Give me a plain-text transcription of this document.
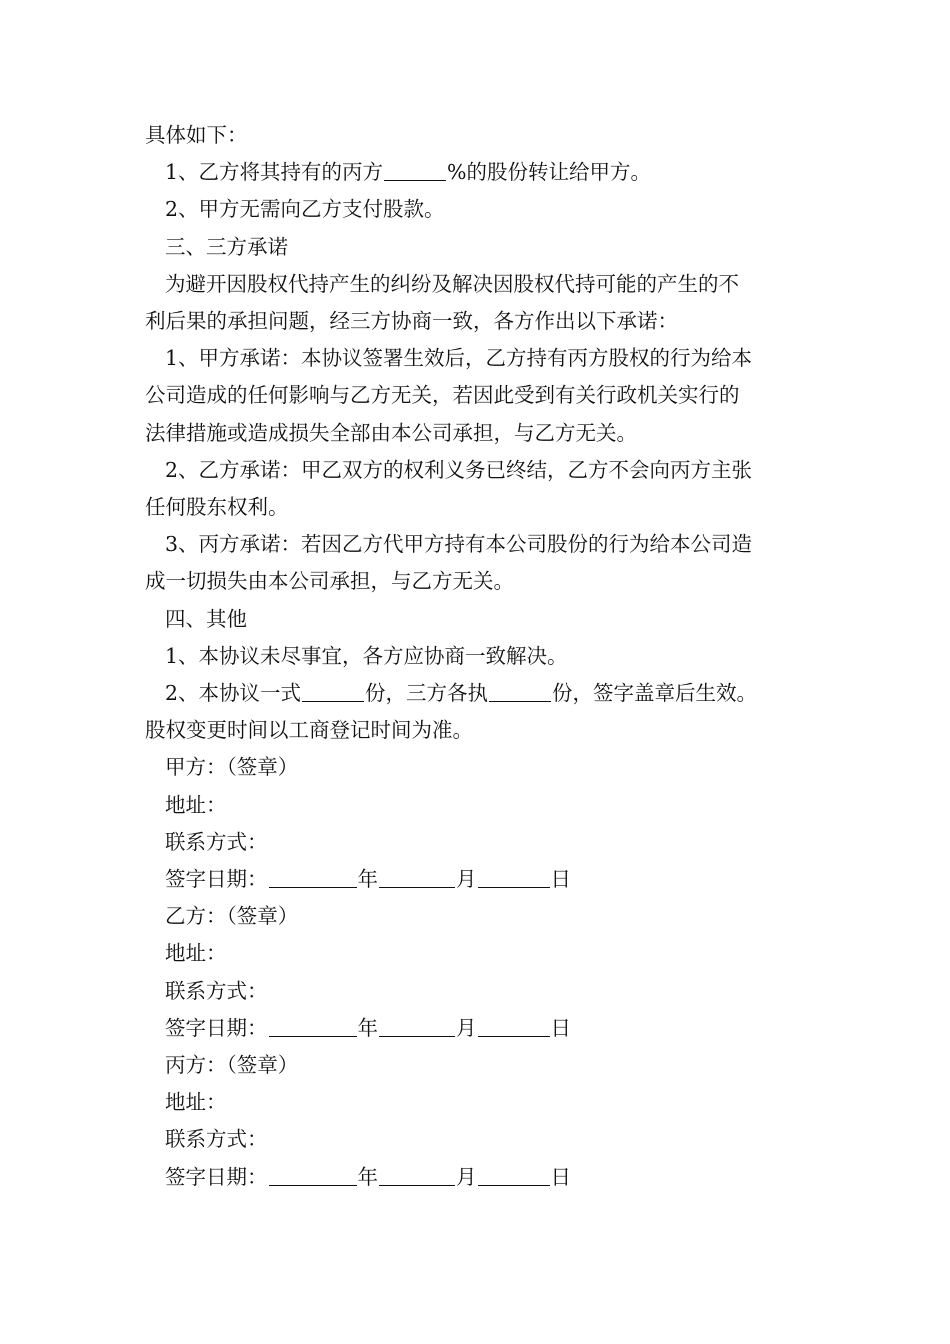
具体如下：

1、乙方将其持有的丙方	%的股份转让给甲方。

2、甲方无需向乙方支付股款。

三、三方承诺

为避开因股权代持产生的纠纷及解决因股权代持可能的产生的不

利后果的承担问题，经三方协商一致，各方作出以下承诺：

1、甲方承诺：本协议签署生效后，乙方持有丙方股权的行为给本

公司造成的任何影响与乙方无关，若因此受到有关行政机关实行的

法律措施或造成损失全部由本公司承担，与乙方无关。

2、乙方承诺：甲乙双方的权利义务已终结，乙方不会向丙方主张

任何股东权利。

3、丙方承诺：若因乙方代甲方持有本公司股份的行为给本公司造

成一切损失由本公司承担，与乙方无关。

四、其他

1、本协议未尽事宜，各方应协商一致解决。

2、本协议一式	份，三方各执	份，签字盖章后生效。

股权变更时间以工商登记时间为准。

甲方：（签章）

地址：

联系方式：

签字日期：	年	月	日

乙方：（签章）

地址：

联系方式：

签字日期：	年	月	日

丙方：（签章）

地址：

联系方式：

签字日期：	年	月	日
